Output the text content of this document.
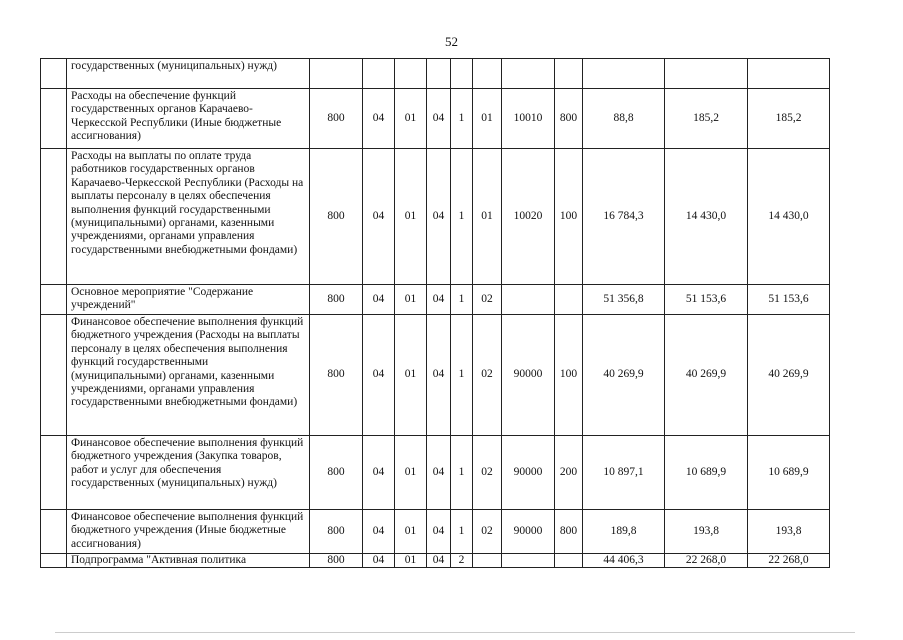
52
	государственных (муниципальных) нужд)											
	Расходы на обеспечение функций государственных органов Карачаево-Черкесской Республики (Иные бюджетные ассигнования)	800	04	01	04	1	01	10010	800	88,8	185,2	185,2
	Расходы на выплаты по оплате труда работников государственных органов Карачаево-Черкесской Республики (Расходы на выплаты персоналу в целях обеспечения выполнения функций государственными (муниципальными) органами, казенными учреждениями, органами управления государственными внебюджетными фондами)	800	04	01	04	1	01	10020	100	16 784,3	14 430,0	14 430,0
	Основное мероприятие "Содержание учреждений"	800	04	01	04	1	02			51 356,8	51 153,6	51 153,6
	Финансовое обеспечение выполнения функций бюджетного учреждения (Расходы на выплаты персоналу в целях обеспечения выполнения функций государственными (муниципальными) органами, казенными учреждениями, органами управления государственными внебюджетными фондами)	800	04	01	04	1	02	90000	100	40 269,9	40 269,9	40 269,9
	Финансовое обеспечение выполнения функций бюджетного учреждения (Закупка товаров, работ и услуг для обеспечения государственных (муниципальных) нужд)	800	04	01	04	1	02	90000	200	10 897,1	10 689,9	10 689,9
	Финансовое обеспечение выполнения функций бюджетного учреждения (Иные бюджетные ассигнования)	800	04	01	04	1	02	90000	800	189,8	193,8	193,8
	Подпрограмма "Активная политика	800	04	01	04	2				44 406,3	22 268,0	22 268,0
